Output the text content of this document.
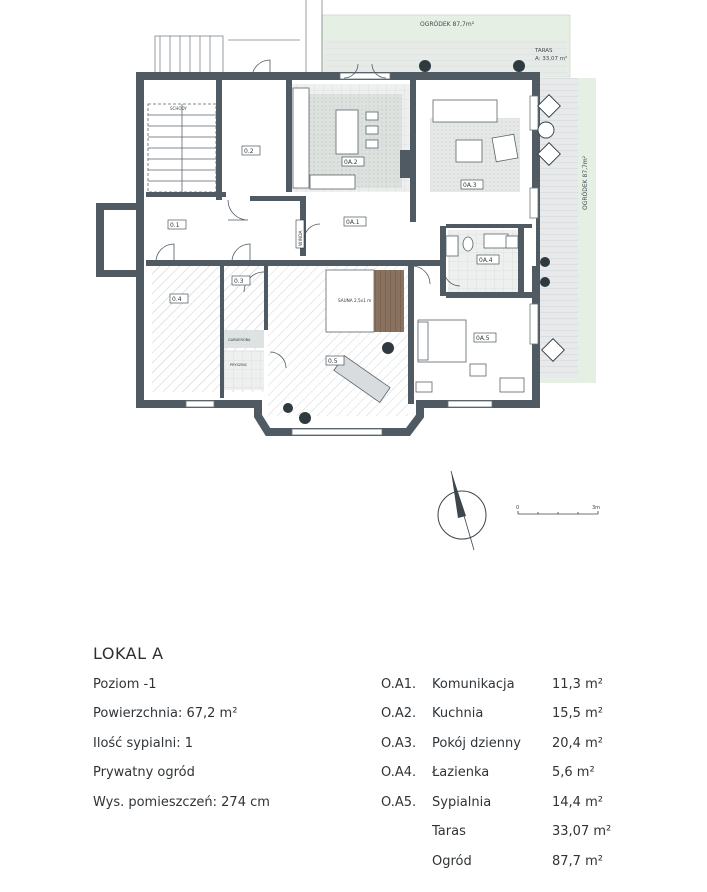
OGRÓDEK 87,7m²
TARAS
A: 33,07 m²
OGRÓDEK 87,7m²
SCHODY
0.2
0.1
0.3
0.4
0.5
0A.2
0A.1
0A.3
0A.4
0A.5
WINDA
SAUNA 2,5x1 m
GARDEROBA
PRYSZNIC
0	3m
LOKAL A
Poziom -1
Powierzchnia: 67,2 m²
Ilość sypialni: 1
Prywatny ogród
Wys. pomieszczeń: 274 cm
O.A1. Komunikacja	11,3 m²
O.A2. Kuchnia	15,5 m²
O.A3. Pokój dzienny 20,4 m²
O.A4. Łazienka	5,6 m²
O.A5. Sypialnia	14,4 m²
Taras	33,07 m²
Ogród	87,7 m²
